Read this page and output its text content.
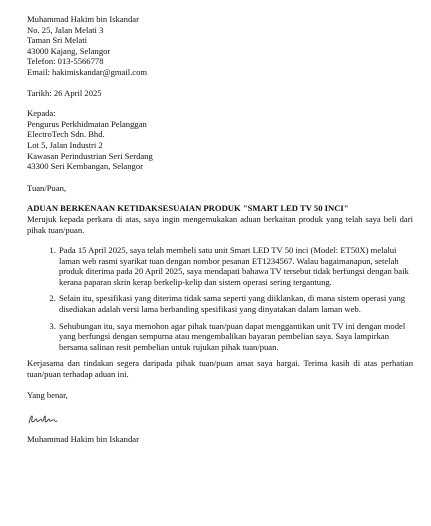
Muhammad Hakim bin Iskandar
No. 25, Jalan Melati 3
Taman Sri Melati
43000 Kajang, Selangor
Telefon: 013-5566778
Email: hakimiskandar@gmail.com
Tarikh: 26 April 2025
Kepada:
Pengurus Perkhidmatan Pelanggan
ElectroTech Sdn. Bhd.
Lot 5, Jalan Industri 2
Kawasan Perindustrian Seri Serdang
43300 Seri Kembangan, Selangor
Tuan/Puan,
ADUAN BERKENAAN KETIDAKSESUAIAN PRODUK "SMART LED TV 50 INCI"

Merujuk kepada perkara di atas, saya ingin mengemukakan aduan berkaitan produk yang telah saya beli dari pihak tuan/puan.

1. Pada 15 April 2025, saya telah membeli satu unit Smart LED TV 50 inci (Model: ET50X) melalui laman web rasmi syarikat tuan dengan nombor pesanan ET1234567. Walau bagaimanapun, setelah produk diterima pada 20 April 2025, saya mendapati bahawa TV tersebut tidak berfungsi dengan baik kerana paparan skrin kerap berkelip-kelip dan sistem operasi sering tergantung.
2. Selain itu, spesifikasi yang diterima tidak sama seperti yang diiklankan, di mana sistem operasi yang disediakan adalah versi lama berbanding spesifikasi yang dinyatakan dalam laman web.
3. Sehubungan itu, saya memohon agar pihak tuan/puan dapat menggantikan unit TV ini dengan model yang berfungsi dengan sempurna atau mengembalikan bayaran pembelian saya. Saya lampirkan bersama salinan resit pembelian untuk rujukan pihak tuan/puan.

Kerjasama dan tindakan segera daripada pihak tuan/puan amat saya hargai. Terima kasih di atas perhatian tuan/puan terhadap aduan ini.

Yang benar,
Muhammad Hakim bin Iskandar
